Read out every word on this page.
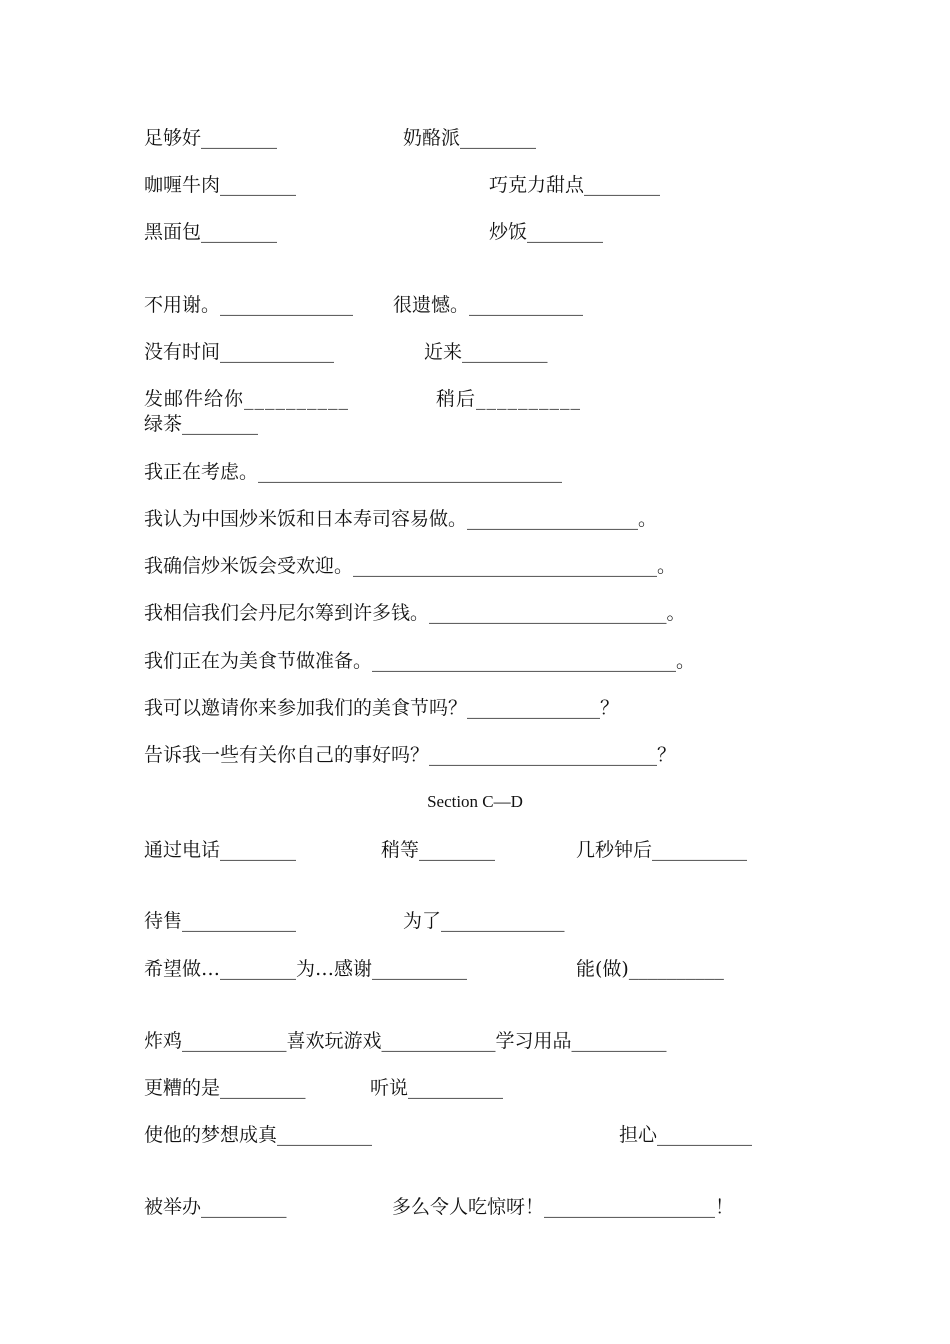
足够好________	奶酪派________
咖喱牛肉________	巧克力甜点________
黑面包________	炒饭________
不用谢。______________ 很遗憾。____________
没有时间____________	近来_________
发邮件给你__________	稍后__________
绿茶________
我正在考虑。________________________________
我认为中国炒米饭和日本寿司容易做。__________________。
我确信炒米饭会受欢迎。________________________________。
我相信我们会丹尼尔筹到许多钱。_________________________。
我们正在为美食节做准备。________________________________。
我可以邀请你来参加我们的美食节吗？______________？
告诉我一些有关你自己的事好吗？________________________？
Section C—D
通过电话________	稍等________	几秒钟后__________
待售____________	为了_____________
希望做…________为…感谢__________	能(做)__________
炸鸡___________喜欢玩游戏____________学习用品__________
更糟的是_________	听说__________
使他的梦想成真__________	担心__________
被举办_________	多么令人吃惊呀！__________________！
